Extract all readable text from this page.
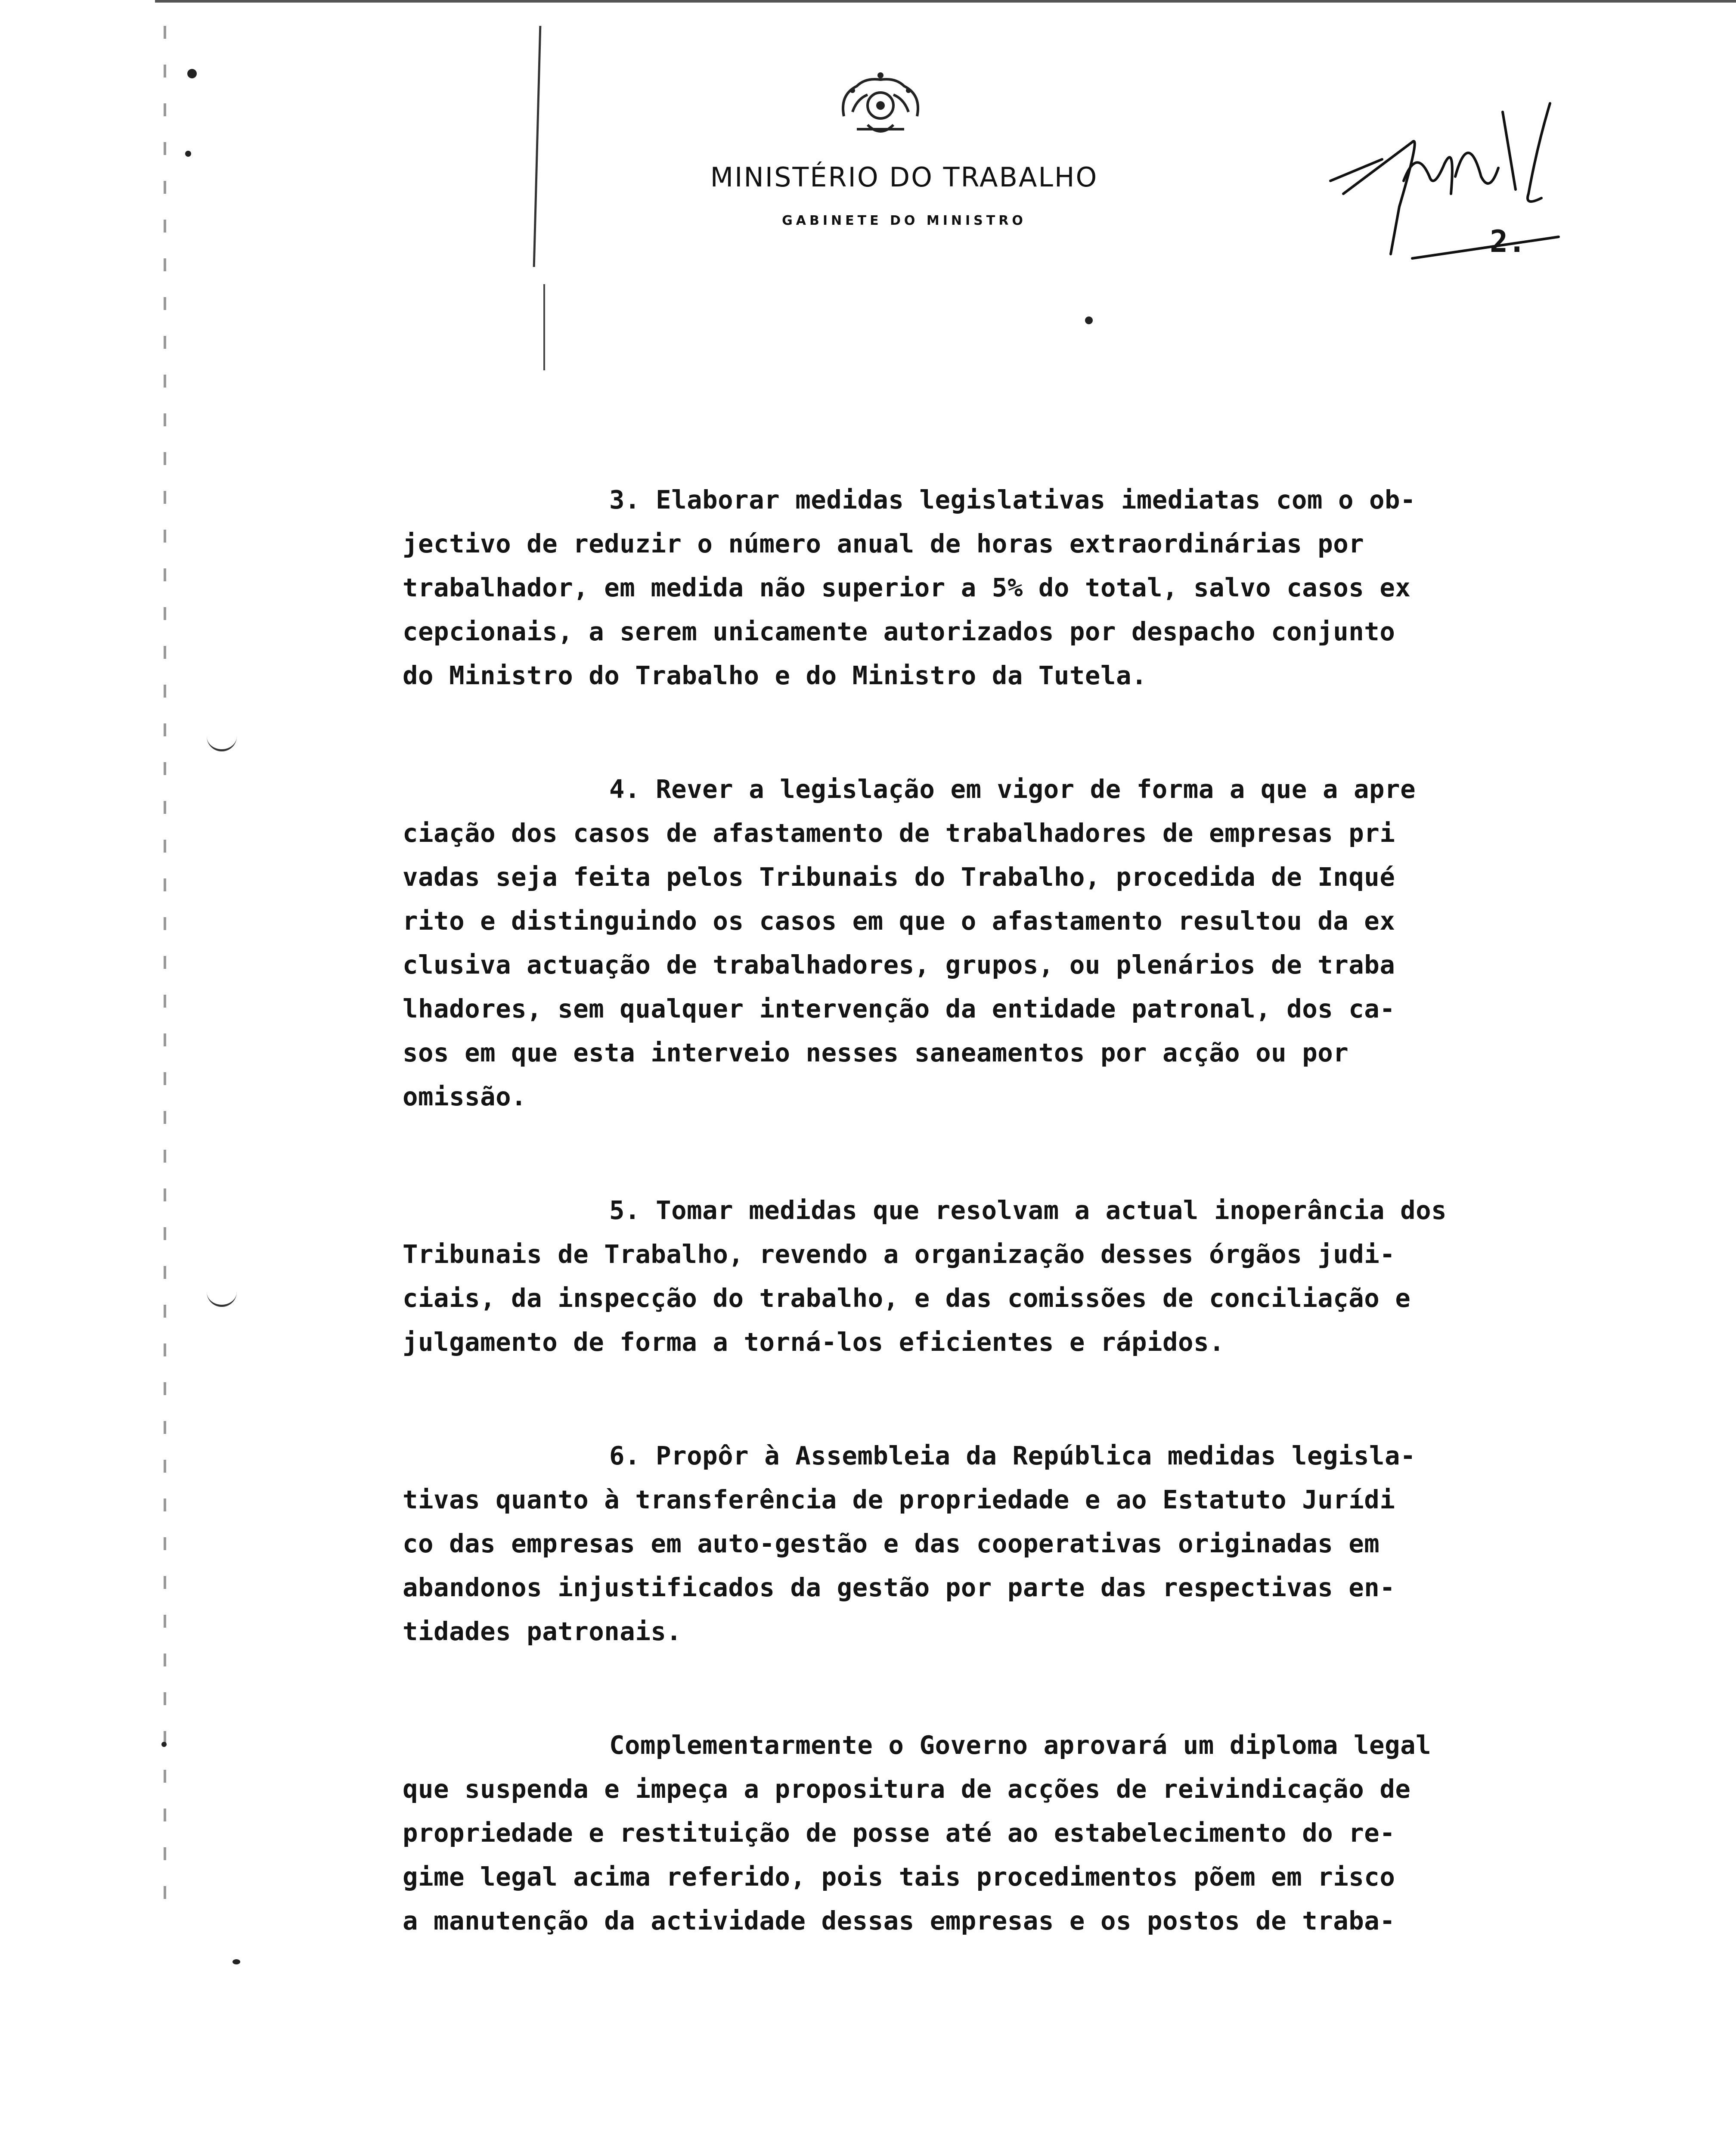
MINISTÉRIO DO TRABALHO
GABINETE DO MINISTRO
2.
3. Elaborar medidas legislativas imediatas com o ob-
jectivo de reduzir o número anual de horas extraordinárias por
trabalhador, em medida não superior a 5% do total, salvo casos ex
cepcionais, a serem unicamente autorizados por despacho conjunto
do Ministro do Trabalho e do Ministro da Tutela.
4. Rever a legislação em vigor de forma a que a apre
ciação dos casos de afastamento de trabalhadores de empresas pri
vadas seja feita pelos Tribunais do Trabalho, procedida de Inqué
rito e distinguindo os casos em que o afastamento resultou da ex
clusiva actuação de trabalhadores, grupos, ou plenários de traba
lhadores, sem qualquer intervenção da entidade patronal, dos ca-
sos em que esta interveio nesses saneamentos por acção ou por
omissão.
5. Tomar medidas que resolvam a actual inoperância dos
Tribunais de Trabalho, revendo a organização desses órgãos judi-
ciais, da inspecção do trabalho, e das comissões de conciliação e
julgamento de forma a torná-los eficientes e rápidos.
6. Propôr à Assembleia da República medidas legisla-
tivas quanto à transferência de propriedade e ao Estatuto Jurídi
co das empresas em auto-gestão e das cooperativas originadas em
abandonos injustificados da gestão por parte das respectivas en-
tidades patronais.
Complementarmente o Governo aprovará um diploma legal
que suspenda e impeça a propositura de acções de reivindicação de
propriedade e restituição de posse até ao estabelecimento do re-
gime legal acima referido, pois tais procedimentos põem em risco
a manutenção da actividade dessas empresas e os postos de traba-
